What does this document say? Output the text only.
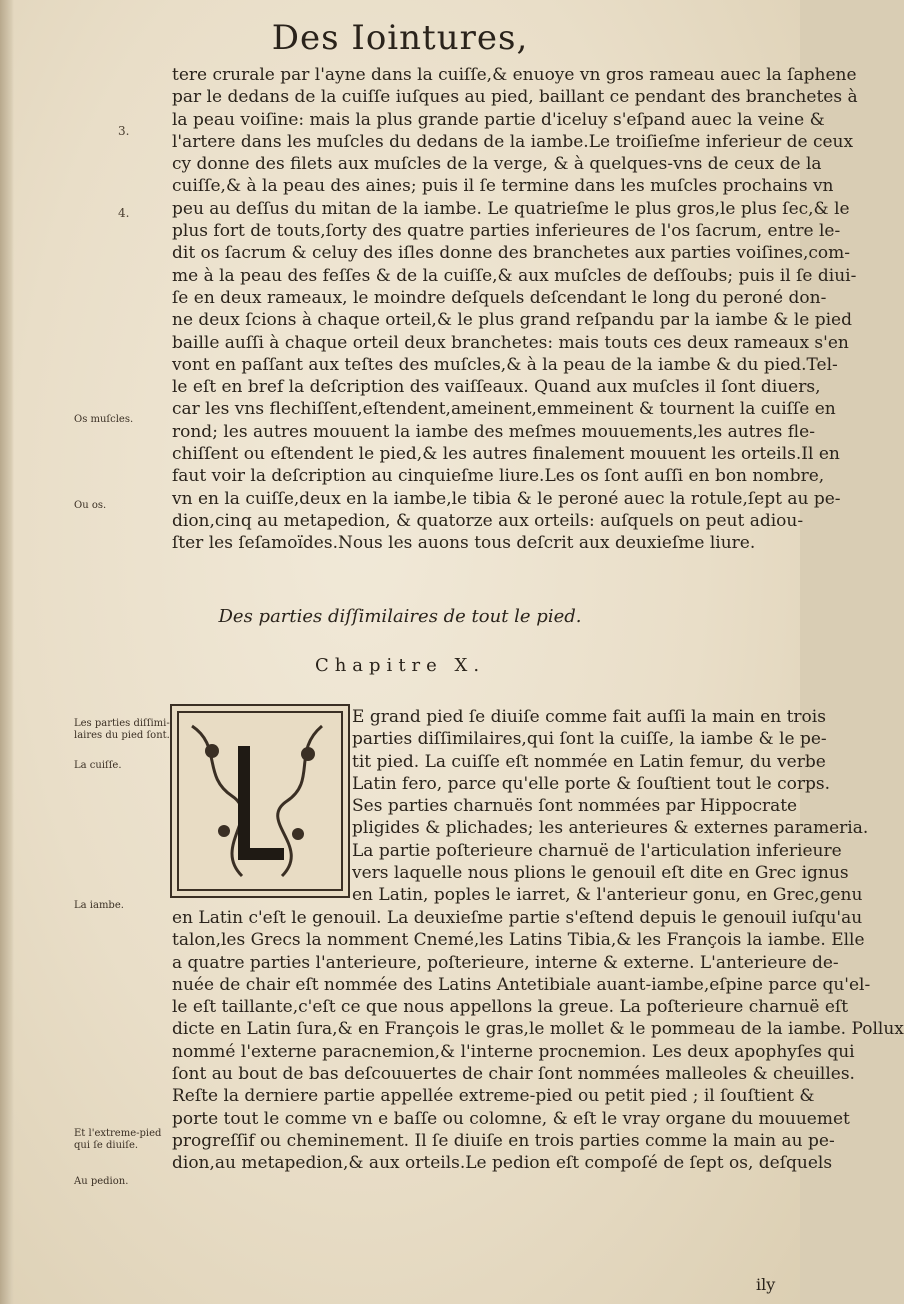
Des Iointures,
3.
4.
Os muſcles.
Ou os.
Les parties diſſimi-laires du pied ſont.
La cuiſſe.
La iambe.
Et l'extreme-pied qui ſe diuiſe.
Au pedion.
tere crurale par l'ayne dans la cuiſſe,& enuoye vn gros rameau auec la ſaphene
par le dedans de la cuiſſe iuſques au pied, baillant ce pendant des branchetes à
la peau voiſine: mais la plus grande partie d'iceluy s'eſpand auec la veine &
l'artere dans les muſcles du dedans de la iambe.Le troiſieſme inferieur de ceux
cy donne des filets aux muſcles de la verge, & à quelques-vns de ceux de la
cuiſſe,& à la peau des aines; puis il ſe termine dans les muſcles prochains vn
peu au deſſus du mitan de la iambe. Le quatrieſme le plus gros,le plus ſec,& le
plus fort de touts,ſorty des quatre parties inferieures de l'os ſacrum, entre le-
dit os ſacrum & celuy des iſles donne des branchetes aux parties voiſines,com-
me à la peau des feſſes & de la cuiſſe,& aux muſcles de deſſoubs; puis il ſe diui-
ſe en deux rameaux, le moindre deſquels deſcendant le long du peroné don-
ne deux ſcions à chaque orteil,& le plus grand reſpandu par la iambe & le pied
baille auſſi à chaque orteil deux branchetes: mais touts ces deux rameaux s'en
vont en paſſant aux teſtes des muſcles,& à la peau de la iambe & du pied.Tel-
le eſt en bref la deſcription des vaiſſeaux. Quand aux muſcles il ſont diuers,
car les vns flechiſſent,eſtendent,ameinent,emmeinent & tournent la cuiſſe en
rond; les autres mouuent la iambe des meſmes mouuements,les autres fle-
chiſſent ou eſtendent le pied,& les autres finalement mouuent les orteils.Il en
faut voir la deſcription au cinquieſme liure.Les os ſont auſſi en bon nombre,
vn en la cuiſſe,deux en la iambe,le tibia & le peroné auec la rotule,ſept au pe-
dion,cinq au metapedion, & quatorze aux orteils: auſquels on peut adiou-
ſter les ſeſamoïdes.Nous les auons tous deſcrit aux deuxieſme liure.
Des parties diſſimilaires de tout le pied.
Chapitre X.
E grand pied ſe diuiſe comme fait auſſi la main en trois
parties diſſimilaires,qui ſont la cuiſſe, la iambe & le pe-
tit pied. La cuiſſe eſt nommée en Latin femur, du verbe
Latin fero, parce qu'elle porte & ſouſtient tout le corps.
Ses parties charnuës ſont nommées par Hippocrate
pligides & plichades; les anterieures & externes parameria.
La partie poſterieure charnuë de l'articulation inferieure
vers laquelle nous plions le genouil eſt dite en Grec ignus
en Latin, poples le iarret, & l'anterieur gonu, en Grec,genu
en Latin c'eſt le genouil. La deuxieſme partie s'eſtend depuis le genouil iuſqu'au
talon,les Grecs la nomment Cnemé,les Latins Tibia,& les François la iambe. Elle
a quatre parties l'anterieure, poſterieure, interne & externe. L'anterieure de-
nuée de chair eſt nommée des Latins Antetibiale auant-iambe,eſpine parce qu'el-
le eſt taillante,c'eſt ce que nous appellons la greue. La poſterieure charnuë eſt
dicte en Latin ſura,& en François le gras,le mollet & le pommeau de la iambe. Pollux
nommé l'externe paracnemion,& l'interne procnemion. Les deux apophyſes qui
ſont au bout de bas deſcouuertes de chair ſont nommées malleoles & cheuilles.
Reſte la derniere partie appellée extreme-pied ou petit pied ; il ſouſtient &
porte tout le comme vn e baſſe ou colomne, & eſt le vray organe du mouuemet
progreſſif ou cheminement. Il ſe diuiſe en trois parties comme la main au pe-
dion,au metapedion,& aux orteils.Le pedion eſt compoſé de ſept os, deſquels
ily
